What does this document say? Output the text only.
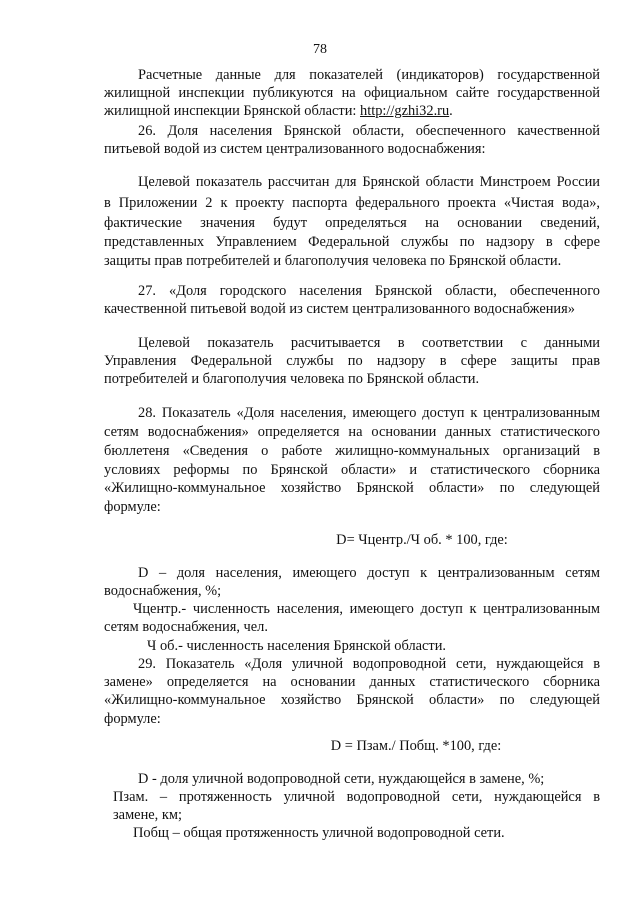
78
Расчетные данные для показателей (индикаторов) государственной
жилищной инспекции публикуются на официальном сайте государственной
жилищной инспекции Брянской области: http://gzhi32.ru.
26. Доля населения Брянской области, обеспеченного качественной
питьевой водой из систем централизованного водоснабжения:
Целевой показатель рассчитан для Брянской области Минстроем России
в Приложении 2 к проекту паспорта федерального проекта «Чистая вода»,
фактические значения будут определяться на основании сведений,
представленных Управлением Федеральной службы по надзору в сфере
защиты прав потребителей и благополучия человека по Брянской области.
27. «Доля городского населения Брянской области, обеспеченного
качественной питьевой водой из систем централизованного водоснабжения»
Целевой показатель расчитывается в соответствии с данными
Управления Федеральной службы по надзору в сфере защиты прав
потребителей и благополучия человека по Брянской области.
28. Показатель «Доля населения, имеющего доступ к централизованным
сетям водоснабжения» определяется на основании данных статистического
бюллетеня «Сведения о работе жилищно-коммунальных организаций в
условиях реформы по Брянской области» и статистического сборника
«Жилищно-коммунальное хозяйство Брянской области» по следующей
формуле:
D= Чцентр./Ч об. * 100, где:
D – доля населения, имеющего доступ к централизованным сетям
водоснабжения, %;
Чцентр.- численность населения, имеющего доступ к централизованным
сетям водоснабжения, чел.
Ч об.- численность населения Брянской области.
29. Показатель «Доля уличной водопроводной сети, нуждающейся в
замене» определяется на основании данных статистического сборника
«Жилищно-коммунальное хозяйство Брянской области» по следующей
формуле:
D = Пзам./ Побщ. *100, где:
D - доля уличной водопроводной сети, нуждающейся в замене, %;
Пзам. – протяженность уличной водопроводной сети, нуждающейся в
замене, км;
Побщ – общая протяженность уличной водопроводной сети.
